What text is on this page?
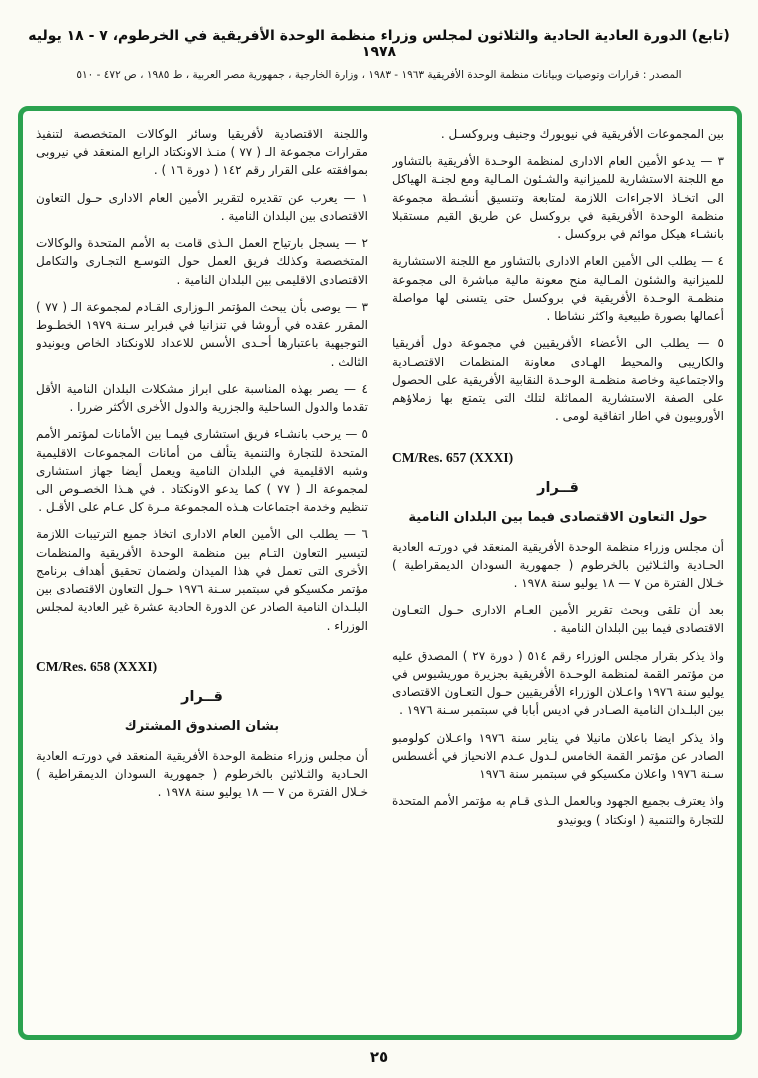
(تابع) الدورة العادية الحادية والثلاثون لمجلس وزراء منظمة الوحدة الأفريقية في الخرطوم، ٧ - ١٨ يوليه ١٩٧٨
المصدر : قرارات وتوصيات وبيانات منظمة الوحدة الأفريقية ١٩٦٣ - ١٩٨٣ ، وزارة الخارجية ، جمهورية مصر العربية ، ط ١٩٨٥ ، ص ٤٧٢ - ٥١٠

بين المجموعات الأفريقية في نيويورك وجنيف وبروكسـل .

٣ — يدعو الأمين العام الادارى لمنظمة الوحـدة الأفريقية بالتشاور مع اللجنة الاستشارية للميزانية والشـئون المـالية ومع لجنـة الهياكل الى اتخـاذ الاجراءات اللازمة لمتابعة وتنسيق أنشـطة مجموعة منظمة الوحدة الأفريقية في بروكسل عن طريق القيم مستقبلا بانشـاء هيكل موائم في بروكسل .

٤ — يطلب الى الأمين العام الادارى بالتشاور مع اللجنة الاستشارية للميزانية والشئون المـالية منح معونة مالية مباشرة الى مجموعة منظمـة الوحـدة الأفريقية في بروكسل حتى يتسنى لها مواصلة أعمالها بصورة طبيعية واكثر نشاطا .

٥ — يطلب الى الأعضاء الأفريقيين في مجموعة دول أفريقيا والكاريبى والمحيط الهـادى معاونة المنظمات الاقتصـادية والاجتماعية وخاصة منظمـة الوحـدة النقابية الأفريقية على الحصول على الصفة الاستشارية المماثلة لتلك التى يتمتع بها زملاؤهم الأوروبيون في اطار اتفاقية لومى .

CM/Res. 657 (XXXI)

قــرار

حول التعاون الاقتصادى فيما بين البلدان النامية

أن مجلس وزراء منظمة الوحدة الأفريقية المنعقد في دورتـه العادية الحـادية والثـلاثين بالخرطوم ( جمهورية السودان الديمقراطية ) خـلال الفترة من ٧ — ١٨ يوليو سنة ١٩٧٨ .

بعد أن تلقى وبحث تقرير الأمين العـام الادارى حـول التعـاون الاقتصادى فيما بين البلدان النامية .

واذ يذكر بقرار مجلس الوزراء رقم ٥١٤ ( دورة ٢٧ ) المصدق عليه من مؤتمر القمة لمنظمة الوحـدة الأفريقية بجزيرة موريشيوس في يوليو سنة ١٩٧٦ واعـلان الوزراء الأفريقيين حـول التعـاون الاقتصادى بين البلـدان النامية الصـادر في اديس أبابا في سبتمبر سـنة ١٩٧٦ .

واذ يذكر ايضا باعلان مانيلا في يناير سنة ١٩٧٦ واعـلان كولومبو الصادر عن مؤتمر القمة الخامس لـدول عـدم الانحياز في أغسطس سـنة ١٩٧٦ واعلان مكسيكو في سبتمبر سنة ١٩٧٦

واذ يعترف بجميع الجهود وبالعمل الـذى قـام به مؤتمر الأمم المتحدة للتجارة والتنمية ( اونكتاد ) ويونيدو

واللجنة الاقتصادية لأفريقيا وسائر الوكالات المتخصصة لتنفيذ مقرارات مجموعة الـ ( ٧٧ ) منـذ الاونكتاد الرابع المنعقد في نيروبى بموافقته على القرار رقم ١٤٢ ( دورة ١٦ ) .

١ — يعرب عن تقديره لتقرير الأمين العام الادارى حـول التعاون الاقتصادى بين البلدان النامية .

٢ — يسجل بارتياح العمل الـذى قامت به الأمم المتحدة والوكالات المتخصصة وكذلك فريق العمل حول التوسـع التجـارى والتكامل الاقتصادى الاقليمى بين البلدان النامية .

٣ — يوصى بأن يبحث المؤتمر الـوزارى القـادم لمجموعة الـ ( ٧٧ ) المقرر عقده في أروشا في تنزانيا في فبراير سـنة ١٩٧٩ الخطـوط التوجيهية باعتبارها أحـدى الأسس للاعداد للاونكتاد الخاص ويونيدو الثالث .

٤ — يصر بهذه المناسبة على ابراز مشكلات البلدان النامية الأقل تقدما والدول الساحلية والجزرية والدول الأخرى الأكثر ضررا .

٥ — يرحب بانشـاء فريق استشارى فيمـا بين الأمانات لمؤتمر الأمم المتحدة للتجارة والتنمية يتألف من أمانات المجموعات الاقليمية وشبه الاقليمية في البلدان النامية ويعمل أيضا جهاز استشارى لمجموعة الـ ( ٧٧ ) كما يدعو الاونكتاد . في هـذا الخصـوص الى تنظيم وخدمة اجتماعات هـذه المجموعة مـرة كل عـام على الأقـل .

٦ — يطلب الى الأمين العام الادارى اتخاذ جميع الترتيبات اللازمة لتيسير التعاون التـام بين منظمة الوحدة الأفريقية والمنظمات الأخرى التى تعمل في هذا الميدان ولضمان تحقيق أهداف برنامج مؤتمر مكسيكو في سبتمبر سـنة ١٩٧٦ حـول التعاون الاقتصادى بين البلـدان النامية الصادر عن الدورة الحادية عشرة غير العادية لمجلس الوزراء .

CM/Res. 658 (XXXI)

قــرار

بشان الصندوق المشترك

أن مجلس وزراء منظمة الوحدة الأفريقية المنعقد في دورتـه العادية الحـادية والثـلاثين بالخرطوم ( جمهورية السودان الديمقراطية ) خـلال الفترة من ٧ — ١٨ يوليو سنة ١٩٧٨ .

٢٥
